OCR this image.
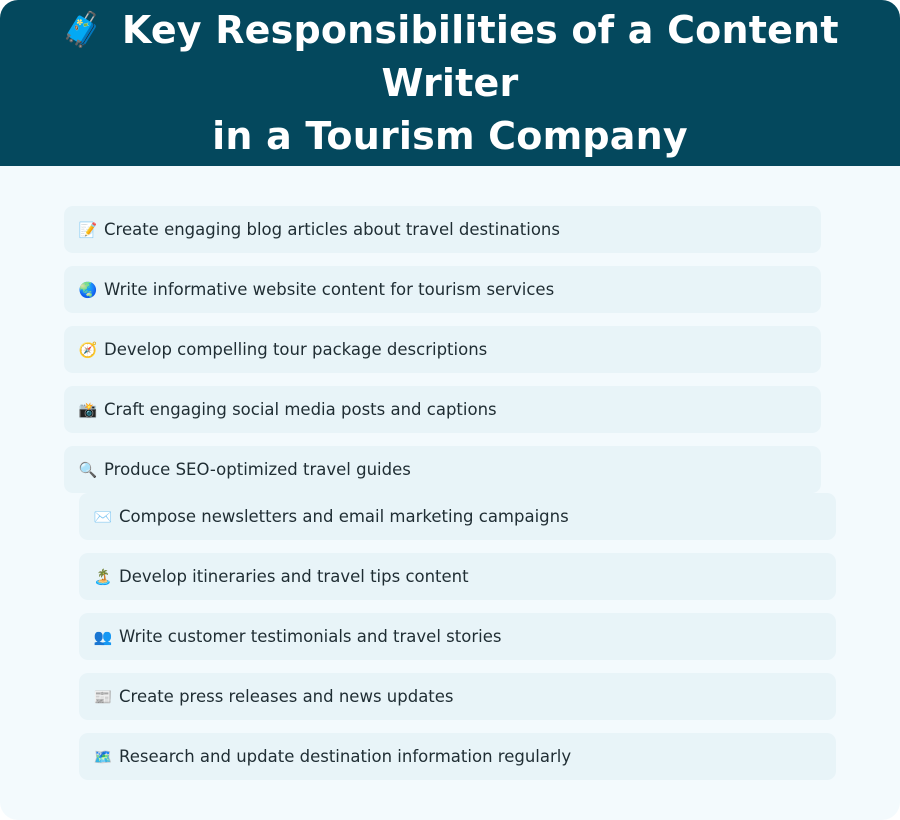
🧳 Key Responsibilities of a Content Writer
in a Tourism Company
📝 Create engaging blog articles about travel destinations
🌏 Write informative website content for tourism services
🧭 Develop compelling tour package descriptions
📸 Craft engaging social media posts and captions
🔍 Produce SEO-optimized travel guides
✉️ Compose newsletters and email marketing campaigns
🏝️ Develop itineraries and travel tips content
👥 Write customer testimonials and travel stories
📰 Create press releases and news updates
🗺️ Research and update destination information regularly
